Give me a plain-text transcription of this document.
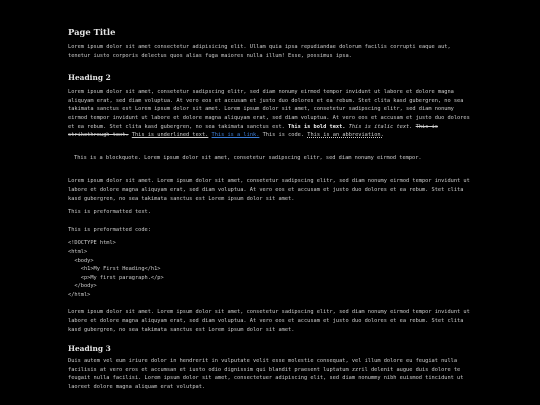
Page Title

Lorem ipsum dolor sit amet consectetur adipisicing elit. Ullam quia ipsa repudiandae dolorum facilis corrupti eaque aut, tenetur iusto corporis delectus quos alias fuga maiores nulla illum! Esse, possimus ipsa.

Heading 2

Lorem ipsum dolor sit amet, consetetur sadipscing elitr, sed diam nonumy eirmod tempor invidunt ut labore et dolore magna aliquyam erat, sed diam voluptua. At vero eos et accusam et justo duo dolores et ea rebum. Stet clita kasd gubergren, no sea takimata sanctus est Lorem ipsum dolor sit amet. Lorem ipsum dolor sit amet, consetetur sadipscing elitr, sed diam nonumy eirmod tempor invidunt ut labore et dolore magna aliquyam erat, sed diam voluptua. At vero eos et accusam et justo duo dolores et ea rebum. Stet clita kasd gubergren, no sea takimata sanctus est. This is bold text. This is italic text. This is strikethrough text. This is underlined text. This is a link. This is code. This is an abbreviation.

This is a blockquote. Lorem ipsum dolor sit amet, consetetur sadipscing elitr, sed diam nonumy eirmod tempor.

Lorem ipsum dolor sit amet. Lorem ipsum dolor sit amet, consetetur sadipscing elitr, sed diam nonumy eirmod tempor invidunt ut labore et dolore magna aliquyam erat, sed diam voluptua. At vero eos et accusam et justo duo dolores et ea rebum. Stet clita kasd gubergren, no sea takimata sanctus est Lorem ipsum dolor sit amet.

This is preformatted text.

This is preformatted code:

<!DOCTYPE html>
<html>
<body>
<h1>My First Heading</h1>
<p>My first paragraph.</p>
</body>
</html>

Lorem ipsum dolor sit amet. Lorem ipsum dolor sit amet, consetetur sadipscing elitr, sed diam nonumy eirmod tempor invidunt ut labore et dolore magna aliquyam erat, sed diam voluptua. At vero eos et accusam et justo duo dolores et ea rebum. Stet clita kasd gubergren, no sea takimata sanctus est Lorem ipsum dolor sit amet.

Heading 3

Duis autem vel eum iriure dolor in hendrerit in vulputate velit esse molestie consequat, vel illum dolore eu feugiat nulla facilisis at vero eros et accumsan et iusto odio dignissim qui blandit praesent luptatum zzril delenit augue duis dolore te feugait nulla facilisi. Lorem ipsum dolor sit amet, consectetuer adipiscing elit, sed diam nonummy nibh euismod tincidunt ut laoreet dolore magna aliquam erat volutpat.
